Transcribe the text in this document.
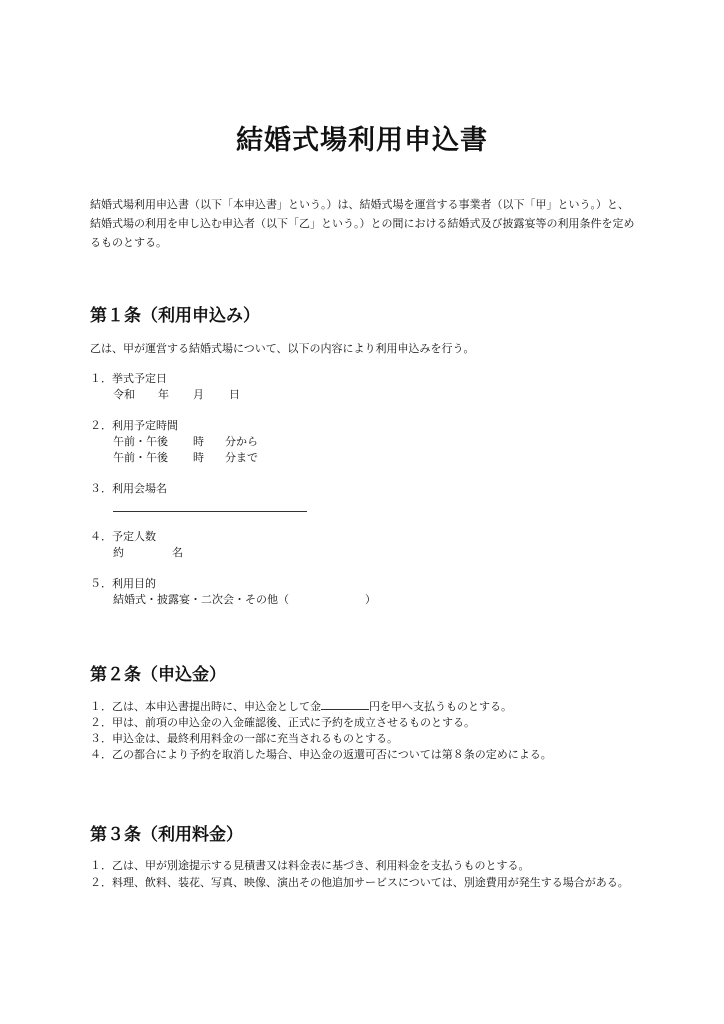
結婚式場利用申込書

結婚式場利用申込書（以下「本申込書」という。）は、結婚式場を運営する事業者（以下「甲」という。）と、結婚式場の利用を申し込む申込者（以下「乙」という。）との間における結婚式及び披露宴等の利用条件を定めるものとする。

第１条（利用申込み）
乙は、甲が運営する結婚式場について、以下の内容により利用申込みを行う。
１．挙式予定日
令和 年 月 日
２．利用予定時間
午前・午後 時 分から
午前・午後 時 分まで
３．利用会場名
４．予定人数
約	名
５．利用目的
結婚式・披露宴・二次会・その他（	）
第２条（申込金）
１．乙は、本申込書提出時に、申込金として金	円を甲へ支払うものとする。
２．甲は、前項の申込金の入金確認後、正式に予約を成立させるものとする。
３．申込金は、最終利用料金の一部に充当されるものとする。
４．乙の都合により予約を取消した場合、申込金の返還可否については第８条の定めによる。
第３条（利用料金）
１．乙は、甲が別途提示する見積書又は料金表に基づき、利用料金を支払うものとする。
２．料理、飲料、装花、写真、映像、演出その他追加サービスについては、別途費用が発生する場合がある。
